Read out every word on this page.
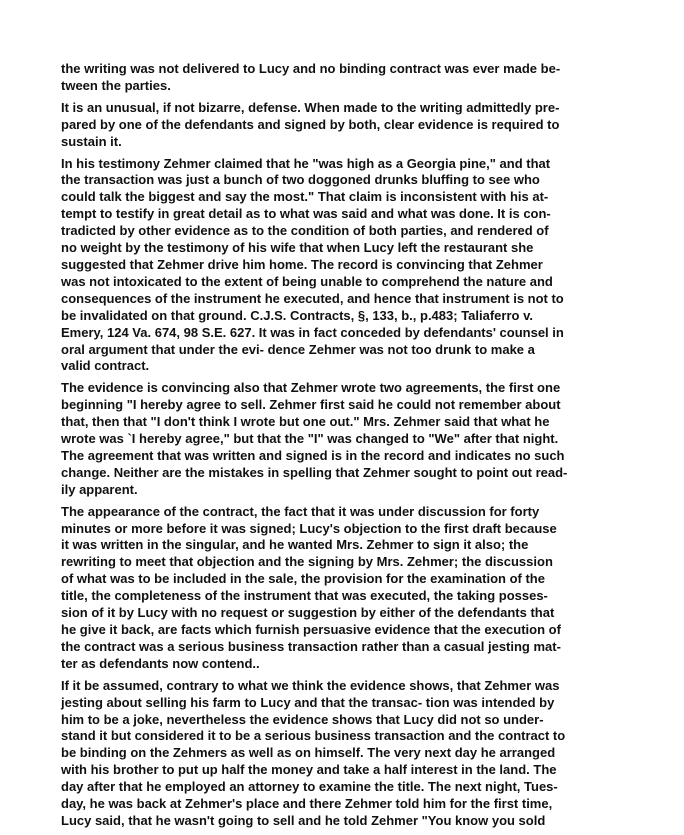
the writing was not delivered to Lucy and no binding contract was ever made be-
tween the parties.
It is an unusual, if not bizarre, defense. When made to the writing admittedly pre-
pared by one of the defendants and signed by both, clear evidence is required to
sustain it.
In his testimony Zehmer claimed that he "was high as a Georgia pine," and that
the transaction was just a bunch of two doggoned drunks bluffing to see who
could talk the biggest and say the most." That claim is inconsistent with his at-
tempt to testify in great detail as to what was said and what was done. It is con-
tradicted by other evidence as to the condition of both parties, and rendered of
no weight by the testimony of his wife that when Lucy left the restaurant she
suggested that Zehmer drive him home. The record is convincing that Zehmer
was not intoxicated to the extent of being unable to comprehend the nature and
consequences of the instrument he executed, and hence that instrument is not to
be invalidated on that ground. C.J.S. Contracts, §, 133, b., p.483; Taliaferro v.
Emery, 124 Va. 674, 98 S.E. 627. It was in fact conceded by defendants' counsel in
oral argument that under the evi- dence Zehmer was not too drunk to make a
valid contract.
The evidence is convincing also that Zehmer wrote two agreements, the first one
beginning "I hereby agree to sell. Zehmer first said he could not remember about
that, then that "I don't think I wrote but one out." Mrs. Zehmer said that what he
wrote was `I hereby agree," but that the "I" was changed to "We" after that night.
The agreement that was written and signed is in the record and indicates no such
change. Neither are the mistakes in spelling that Zehmer sought to point out read-
ily apparent.
The appearance of the contract, the fact that it was under discussion for forty
minutes or more before it was signed; Lucy's objection to the first draft because
it was written in the singular, and he wanted Mrs. Zehmer to sign it also; the
rewriting to meet that objection and the signing by Mrs. Zehmer; the discussion
of what was to be included in the sale, the provision for the examination of the
title, the completeness of the instrument that was executed, the taking posses-
sion of it by Lucy with no request or suggestion by either of the defendants that
he give it back, are facts which furnish persuasive evidence that the execution of
the contract was a serious business transaction rather than a casual jesting mat-
ter as defendants now contend..
If it be assumed, contrary to what we think the evidence shows, that Zehmer was
jesting about selling his farm to Lucy and that the transac- tion was intended by
him to be a joke, nevertheless the evidence shows that Lucy did not so under-
stand it but considered it to be a serious business transaction and the contract to
be binding on the Zehmers as well as on himself. The very next day he arranged
with his brother to put up half the money and take a half interest in the land. The
day after that he employed an attorney to examine the title. The next night, Tues-
day, he was back at Zehmer's place and there Zehmer told him for the first time,
Lucy said, that he wasn't going to sell and he told Zehmer "You know you sold
